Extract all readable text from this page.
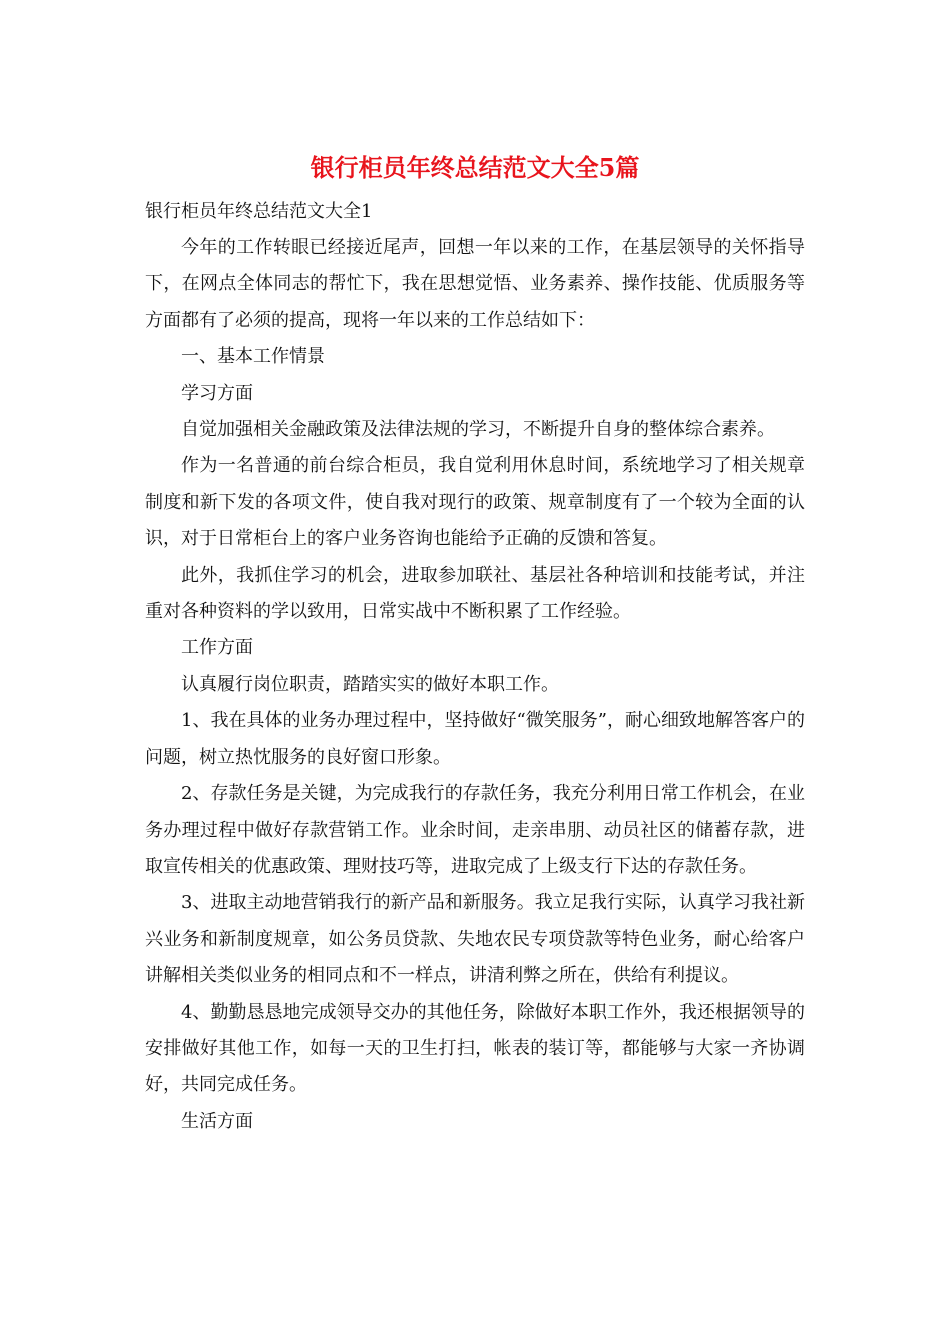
银行柜员年终总结范文大全5篇

银行柜员年终总结范文大全1

今年的工作转眼已经接近尾声，回想一年以来的工作，在基层领导的关怀指导下，在网点全体同志的帮忙下，我在思想觉悟、业务素养、操作技能、优质服务等方面都有了必须的提高，现将一年以来的工作总结如下：

一、基本工作情景

学习方面

自觉加强相关金融政策及法律法规的学习，不断提升自身的整体综合素养。

作为一名普通的前台综合柜员，我自觉利用休息时间，系统地学习了相关规章制度和新下发的各项文件，使自我对现行的政策、规章制度有了一个较为全面的认识，对于日常柜台上的客户业务咨询也能给予正确的反馈和答复。

此外，我抓住学习的机会，进取参加联社、基层社各种培训和技能考试，并注重对各种资料的学以致用，日常实战中不断积累了工作经验。

工作方面

认真履行岗位职责，踏踏实实的做好本职工作。

1、我在具体的业务办理过程中，坚持做好“微笑服务”，耐心细致地解答客户的问题，树立热忱服务的良好窗口形象。

2、存款任务是关键，为完成我行的存款任务，我充分利用日常工作机会，在业务办理过程中做好存款营销工作。业余时间，走亲串朋、动员社区的储蓄存款，进取宣传相关的优惠政策、理财技巧等，进取完成了上级支行下达的存款任务。

3、进取主动地营销我行的新产品和新服务。我立足我行实际，认真学习我社新兴业务和新制度规章，如公务员贷款、失地农民专项贷款等特色业务，耐心给客户讲解相关类似业务的相同点和不一样点，讲清利弊之所在，供给有利提议。

4、勤勤恳恳地完成领导交办的其他任务，除做好本职工作外，我还根据领导的安排做好其他工作，如每一天的卫生打扫，帐表的装订等，都能够与大家一齐协调好，共同完成任务。

生活方面
